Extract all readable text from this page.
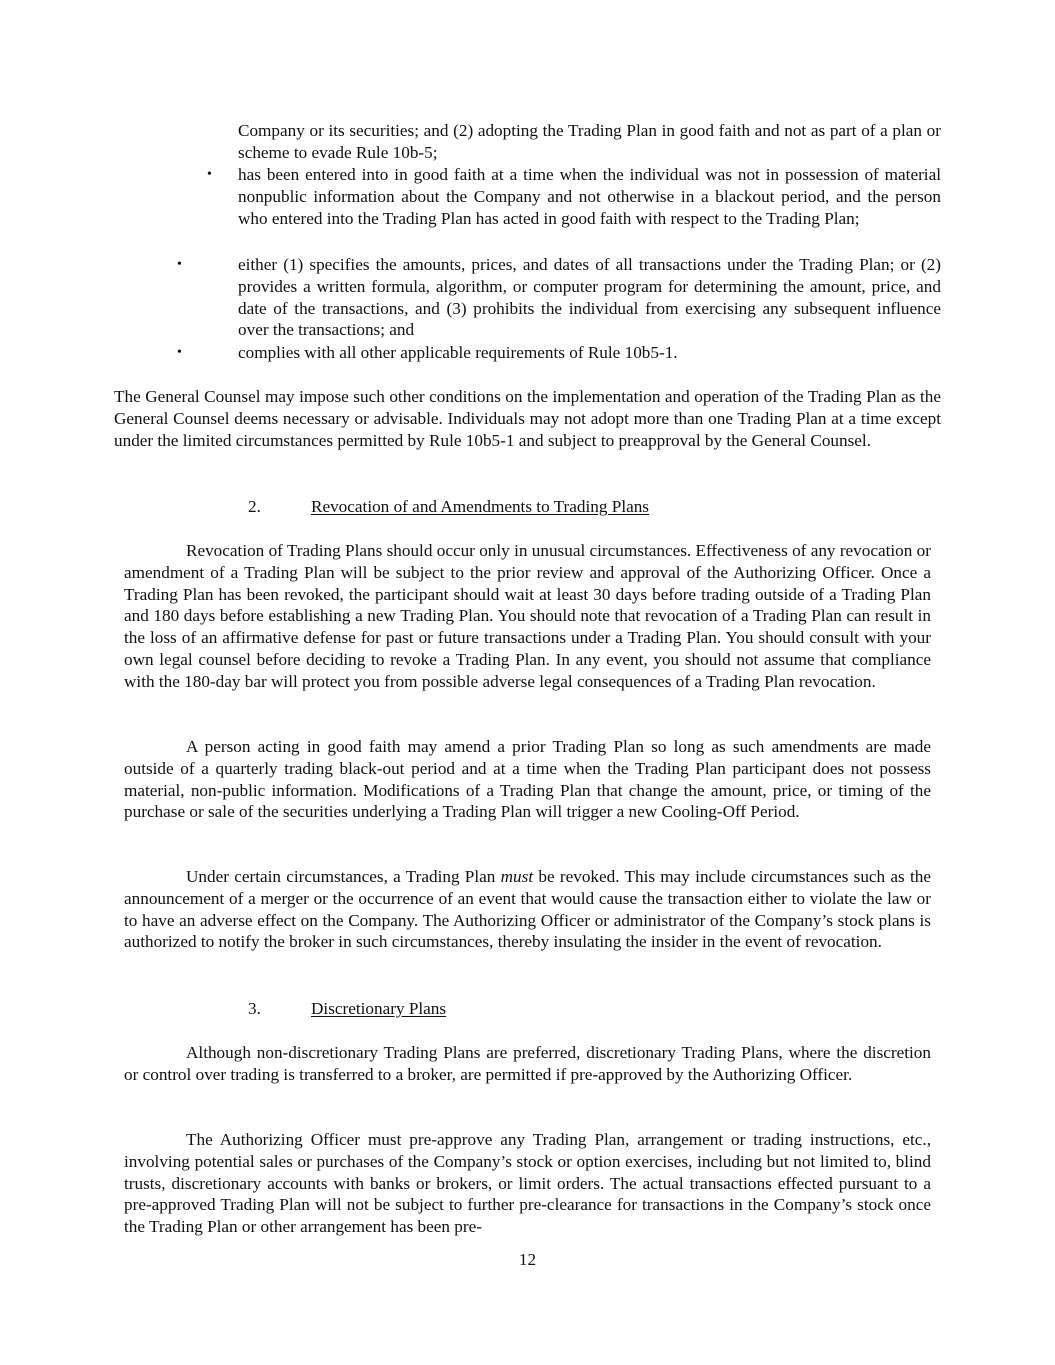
Company or its securities; and (2) adopting the Trading Plan in good faith and not as part of a plan or scheme to evade Rule 10b-5;
• has been entered into in good faith at a time when the individual was not in possession of material nonpublic information about the Company and not otherwise in a blackout period, and the person who entered into the Trading Plan has acted in good faith with respect to the Trading Plan;
•	either (1) specifies the amounts, prices, and dates of all transactions under the Trading Plan; or (2) provides a written formula, algorithm, or computer program for determining the amount, price, and date of the transactions, and (3) prohibits the individual from exercising any subsequent influence over the transactions; and
•	complies with all other applicable requirements of Rule 10b5-1.
The General Counsel may impose such other conditions on the implementation and operation of the Trading Plan as the General Counsel deems necessary or advisable. Individuals may not adopt more than one Trading Plan at a time except under the limited circumstances permitted by Rule 10b5-1 and subject to preapproval by the General Counsel.
2.	Revocation of and Amendments to Trading Plans
Revocation of Trading Plans should occur only in unusual circumstances. Effectiveness of any revocation or amendment of a Trading Plan will be subject to the prior review and approval of the Authorizing Officer. Once a Trading Plan has been revoked, the participant should wait at least 30 days before trading outside of a Trading Plan and 180 days before establishing a new Trading Plan. You should note that revocation of a Trading Plan can result in the loss of an affirmative defense for past or future transactions under a Trading Plan. You should consult with your own legal counsel before deciding to revoke a Trading Plan. In any event, you should not assume that compliance with the 180-day bar will protect you from possible adverse legal consequences of a Trading Plan revocation.
A person acting in good faith may amend a prior Trading Plan so long as such amendments are made outside of a quarterly trading black-out period and at a time when the Trading Plan participant does not possess material, non-public information. Modifications of a Trading Plan that change the amount, price, or timing of the purchase or sale of the securities underlying a Trading Plan will trigger a new Cooling-Off Period.
Under certain circumstances, a Trading Plan must be revoked. This may include circumstances such as the announcement of a merger or the occurrence of an event that would cause the transaction either to violate the law or to have an adverse effect on the Company. The Authorizing Officer or administrator of the Company’s stock plans is authorized to notify the broker in such circumstances, thereby insulating the insider in the event of revocation.
3.	Discretionary Plans
Although non-discretionary Trading Plans are preferred, discretionary Trading Plans, where the discretion or control over trading is transferred to a broker, are permitted if pre-approved by the Authorizing Officer.
The Authorizing Officer must pre-approve any Trading Plan, arrangement or trading instructions, etc., involving potential sales or purchases of the Company’s stock or option exercises, including but not limited to, blind trusts, discretionary accounts with banks or brokers, or limit orders. The actual transactions effected pursuant to a pre-approved Trading Plan will not be subject to further pre-clearance for transactions in the Company’s stock once the Trading Plan or other arrangement has been pre-
12
